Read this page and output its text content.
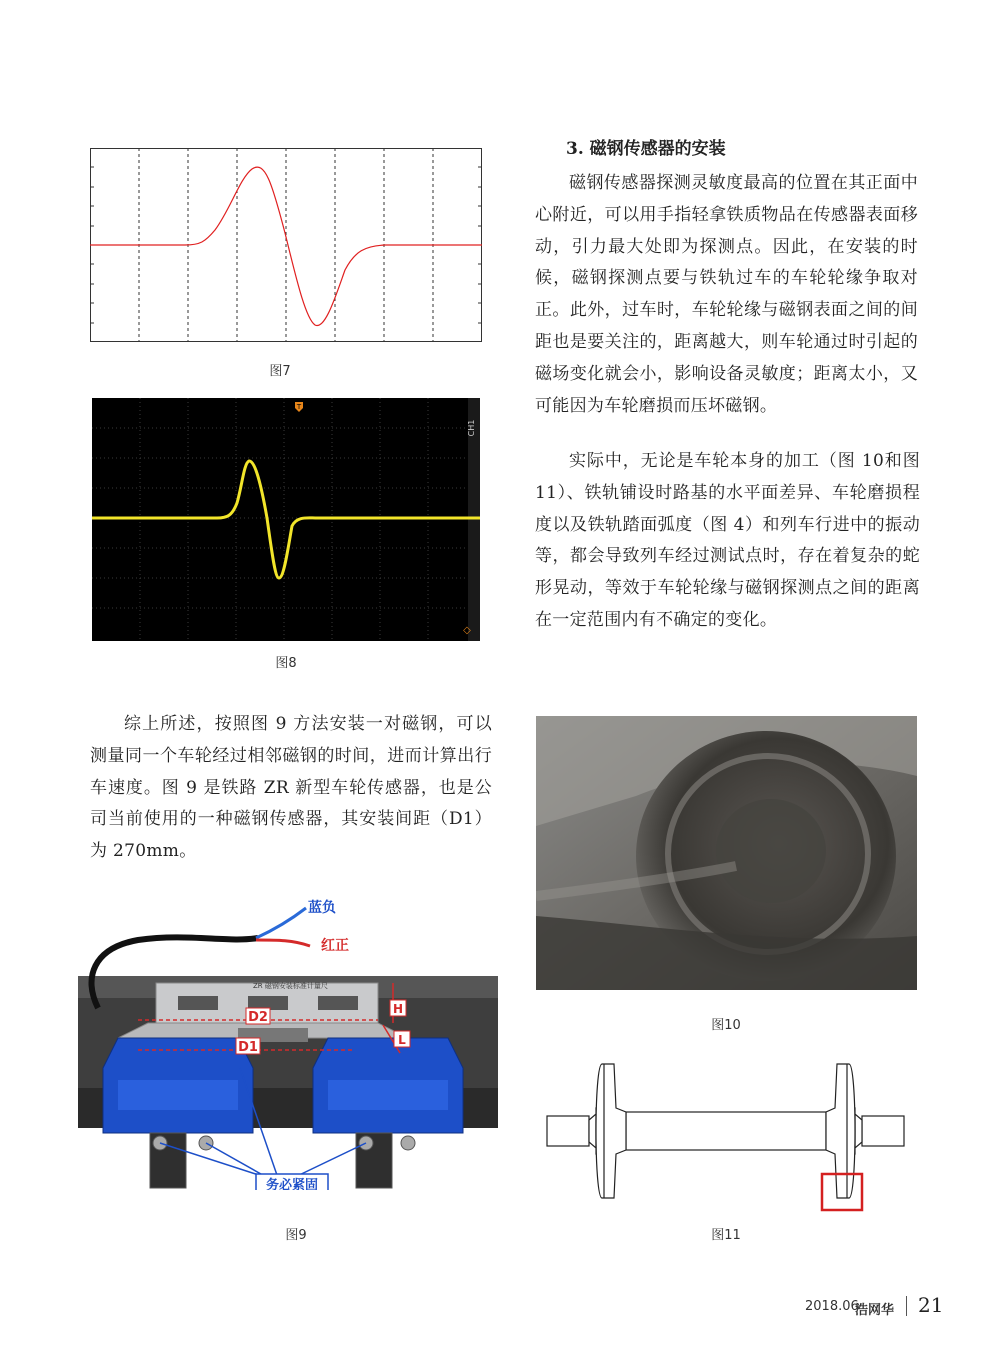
图7
T
CH1
◇
图8
3. 磁钢传感器的安装

磁钢传感器探测灵敏度最高的位置在其正面中心附近，可以用手指轻拿铁质物品在传感器表面移动，引力最大处即为探测点。因此，在安装的时候，磁钢探测点要与铁轨过车的车轮轮缘争取对正。此外，过车时，车轮轮缘与磁钢表面之间的间距也是要关注的，距离越大，则车轮通过时引起的磁场变化就会小，影响设备灵敏度；距离太小，又可能因为车轮磨损而压坏磁钢。

实际中，无论是车轮本身的加工（图 10和图 11）、铁轨铺设时路基的水平面差异、车轮磨损程度以及铁轨踏面弧度（图 4）和列车行进中的振动等，都会导致列车经过测试点时，存在着复杂的蛇形晃动，等效于车轮轮缘与磁钢探测点之间的距离在一定范围内有不确定的变化。

综上所述，按照图 9 方法安装一对磁钢，可以测量同一个车轮经过相邻磁钢的时间，进而计算出行车速度。图 9 是铁路 ZR 新型车轮传感器，也是公司当前使用的一种磁钢传感器，其安装间距（D1）为 270mm。

蓝负
红正
ZR 磁钢安装标准计量尺
D2
D1
H
L
务必紧固
图9
图10
图11
2018.06
浩网华 21
